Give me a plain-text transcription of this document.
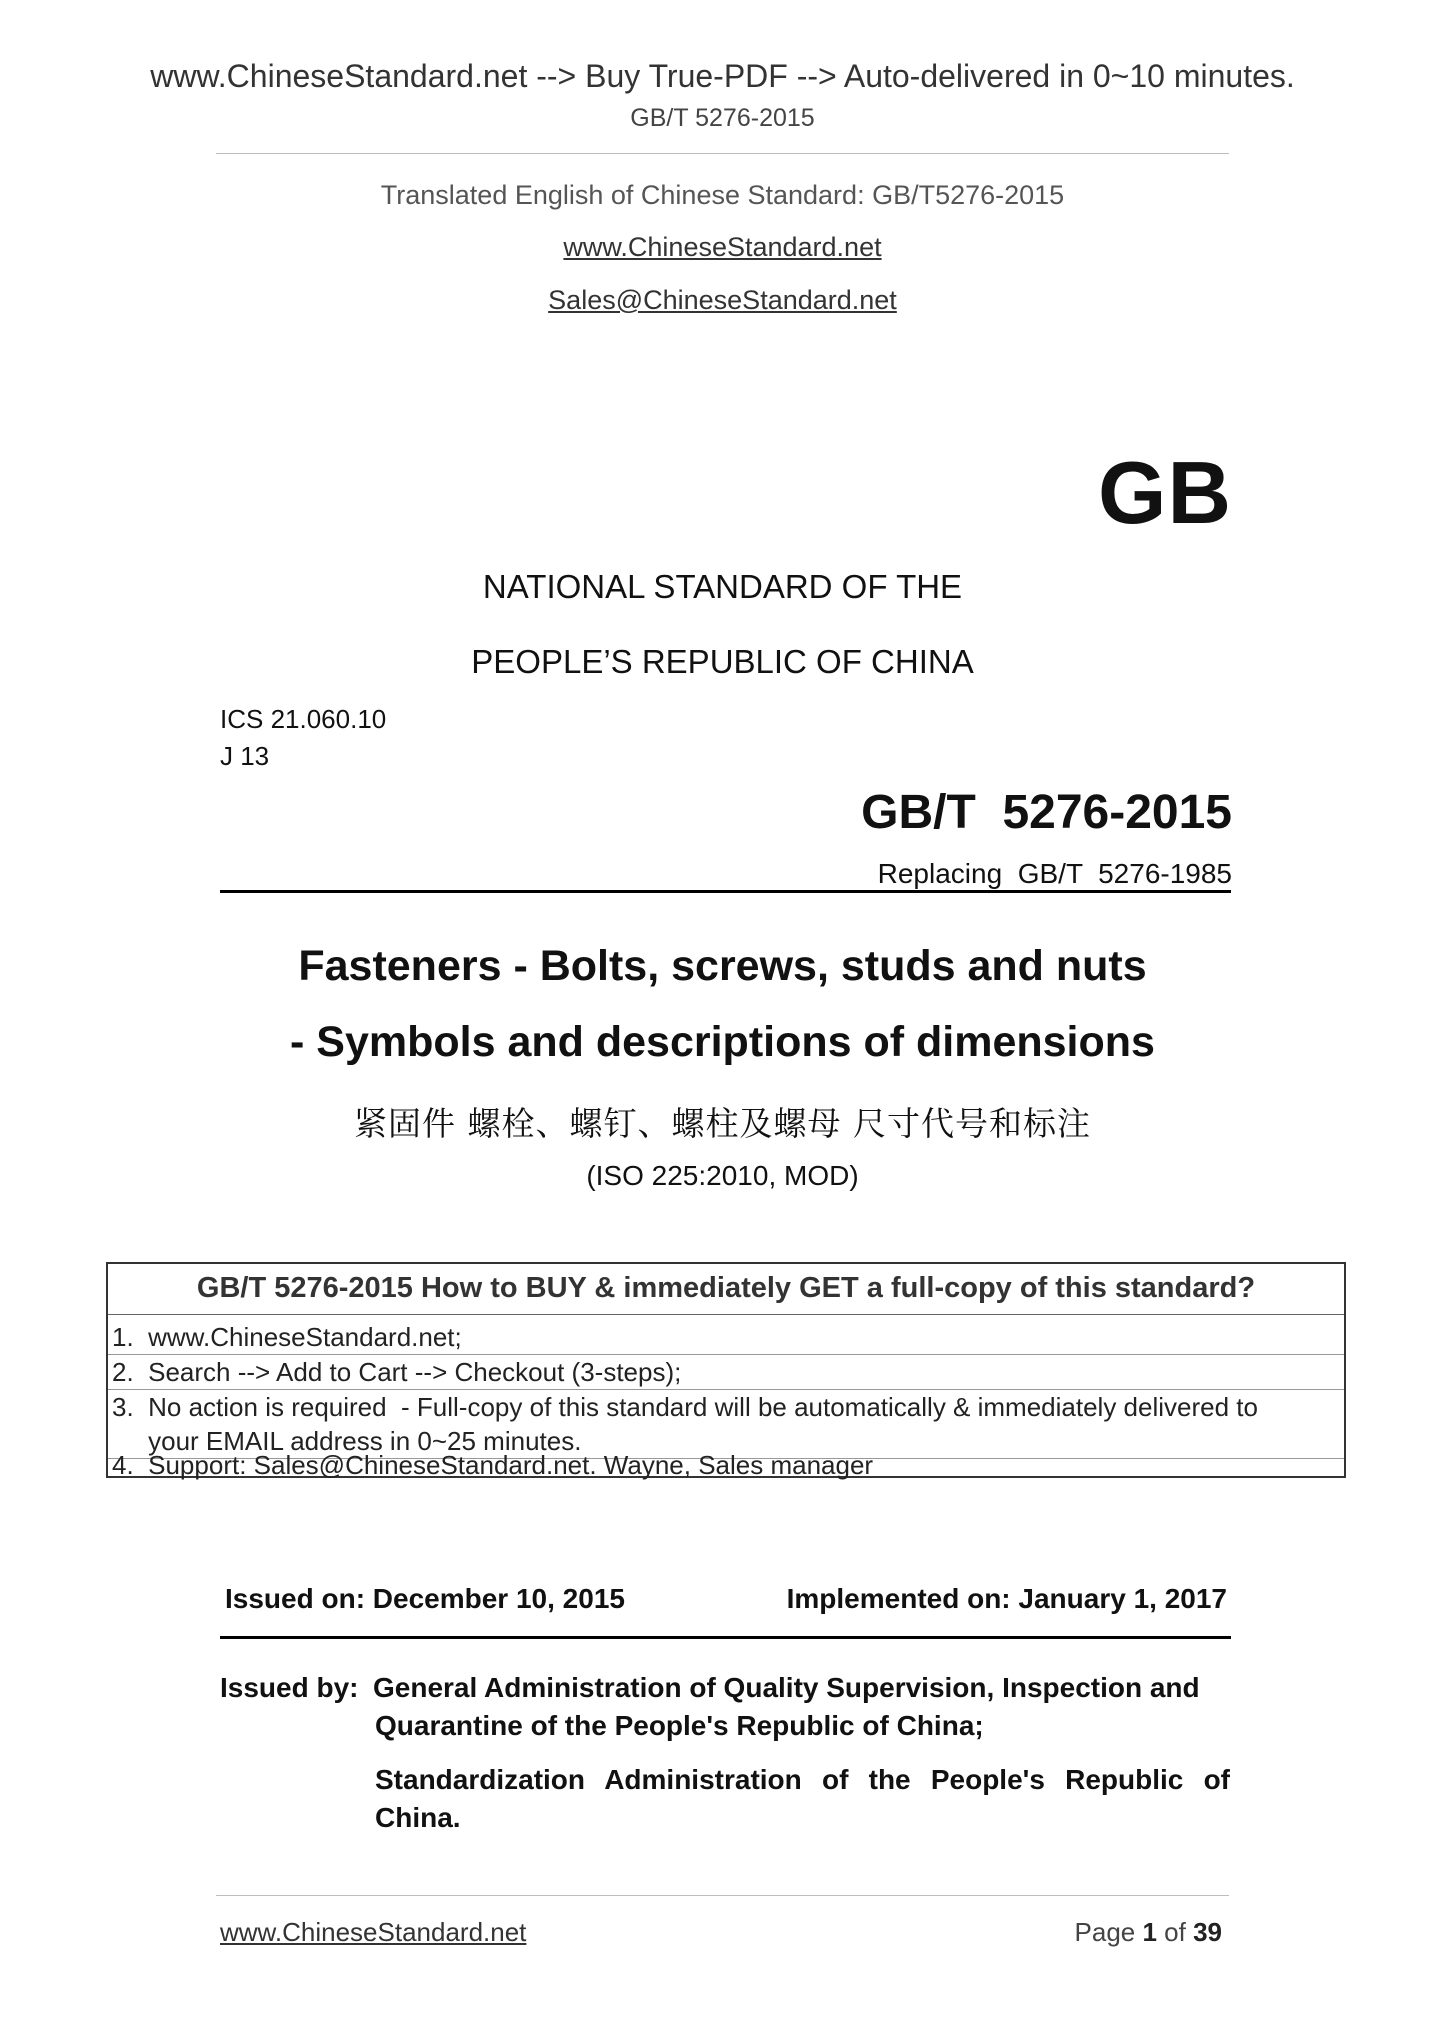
www.ChineseStandard.net --> Buy True-PDF --> Auto-delivered in 0~10 minutes.
GB/T 5276-2015
Translated English of Chinese Standard: GB/T5276-2015
www.ChineseStandard.net
Sales@ChineseStandard.net
GB
NATIONAL STANDARD OF THE
PEOPLE’S REPUBLIC OF CHINA
ICS 21.060.10
J 13
GB/T  5276-2015
Replacing  GB/T  5276-1985
Fasteners - Bolts, screws, studs and nuts
- Symbols and descriptions of dimensions
紧固件 螺栓、螺钉、螺柱及螺母 尺寸代号和标注
(ISO 225:2010, MOD)
GB/T 5276-2015 How to BUY & immediately GET a full-copy of this standard?
1.  www.ChineseStandard.net;
2.  Search --> Add to Cart --> Checkout (3-steps);
3.  No action is required  - Full-copy of this standard will be automatically & immediately delivered to
your EMAIL address in 0~25 minutes.
4.  Support: Sales@ChineseStandard.net. Wayne, Sales manager
Issued on: December 10, 2015	Implemented on: January 1, 2017
Issued by: General Administration of Quality Supervision, Inspection and
Quarantine of the People's Republic of China;
Standardization Administration of the People's Republic of
China.
www.ChineseStandard.net	Page 1 of 39
